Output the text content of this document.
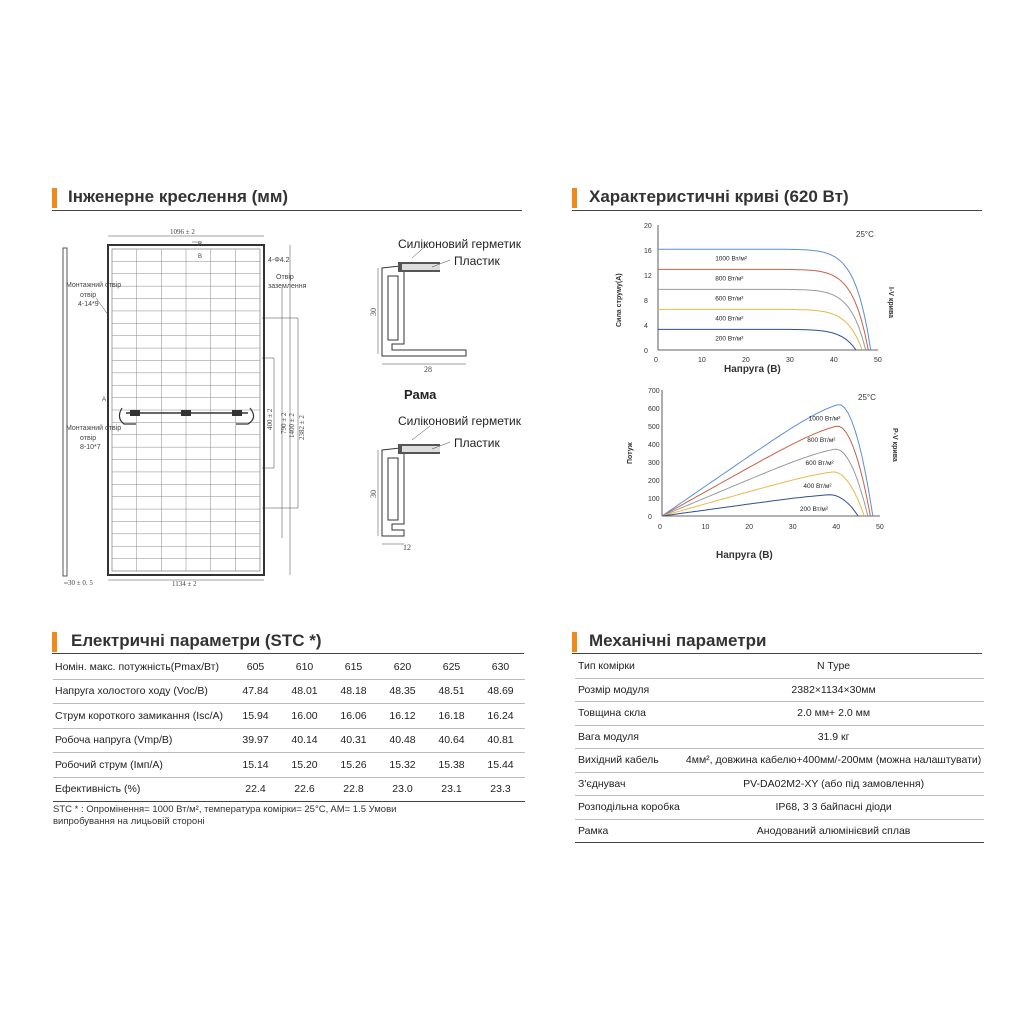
Інженерне креслення (мм)	Характеристичні криві (620 Вт)
Електричні параметри (STC *)	Механічні параметри
30 ± 0. 5
1096 ± 2
B
B
1134 ± 2
Монтажний отвір
4-14*9
отвір
Монтажний отвір
отвір
8-10*7
4-Φ4.2
Отвір
заземлення
A
400 ± 2 790 ± 2 1400 ± 2 2382 ± 2
30
28
Силіконовий герметик
Пластик
Рама
30
12
Силіконовий герметик
Пластик
1000 Вт/м²
800 Вт/м²
600 Вт/м²
400 Вт/м²
200 Вт/м²
0	10	20	30	40	50
0
4
8
12
16
20
25°C
Сила струму(А)	I-V крива
Напруга (В)
1000 Вт/м²
800 Вт/м²
600 Вт/м²
400 Вт/м²
200 Вт/м²
0	10	20	30	40	50
0
100
200
300
400
500
600
700
25°C
Потуж	P-V крива
Напруга (В)
Номін. макс. потужність(Pmax/Вт)	605	610	615	620	625	630
Напруга холостого ходу (Voc/B)	47.84	48.01	48.18	48.35	48.51	48.69
Струм короткого замикання (Isc/A)	15.94	16.00	16.06	16.12	16.18	16.24
Робоча напруга (Vmp/B)	39.97	40.14	40.31	40.48	40.64	40.81
Робочий струм (Імп/А)	15.14	15.20	15.26	15.32	15.38	15.44
Ефективність (%)	22.4	22.6	22.8	23.0	23.1	23.3
STC * : Опромінення= 1000 Вт/м², температура комірки= 25°C, AM= 1.5 Умови
випробування на лицьовій стороні
Тип комірки	N Type
Розмір модуля	2382×1134×30мм
Товщина скла	2.0 мм+ 2.0 мм
Вага модуля	31.9 кг
Вихідний кабель	4мм², довжина кабелю+400мм/-200мм (можна налаштувати)
З'єднувач	PV-DA02M2-XY (або під замовлення)
Розподільна коробка	IP68, 3 3 байпасні діоди
Рамка	Анодований алюмінієвий сплав
